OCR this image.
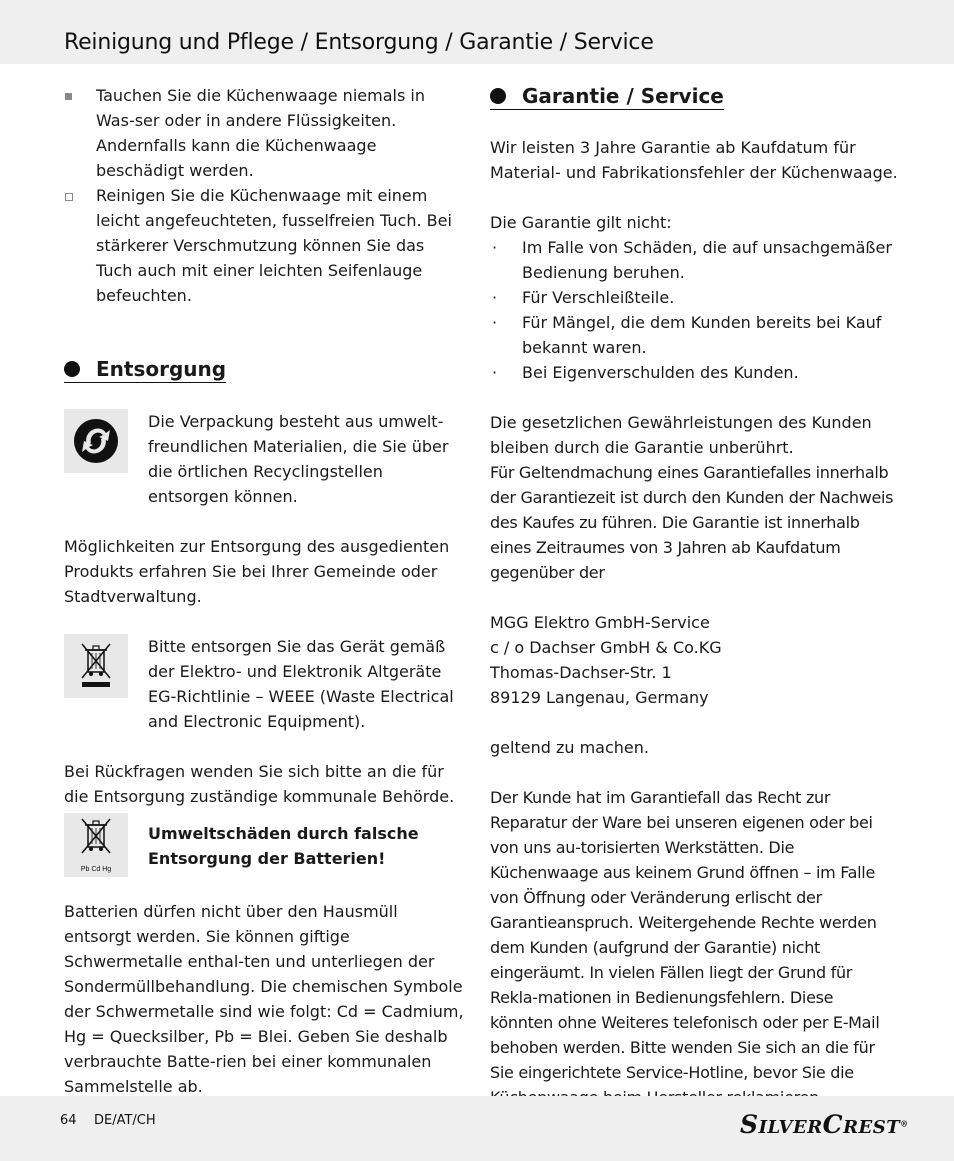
Reinigung und Pflege / Entsorgung / Garantie / Service

Tauchen Sie die Küchenwaage niemals in Was-ser oder in andere Flüssigkeiten. Andernfalls kann die Küchenwaage beschädigt werden.

Reinigen Sie die Küchenwaage mit einem leicht angefeuchteten, fusselfreien Tuch. Bei stärkerer Verschmutzung können Sie das Tuch auch mit einer leichten Seifenlauge befeuchten.

Entsorgung

Die Verpackung besteht aus umwelt-freundlichen Materialien, die Sie über die örtlichen Recyclingstellen entsorgen können.

Möglichkeiten zur Entsorgung des ausgedienten Produkts erfahren Sie bei Ihrer Gemeinde oder Stadtverwaltung.

Bitte entsorgen Sie das Gerät gemäß der Elektro- und Elektronik Altgeräte EG-Richtlinie – WEEE (Waste Electrical and Electronic Equipment).

Bei Rückfragen wenden Sie sich bitte an die für die Entsorgung zuständige kommunale Behörde.

Pb Cd Hg

Umweltschäden durch falsche Entsorgung der Batterien!

Batterien dürfen nicht über den Hausmüll entsorgt werden. Sie können giftige Schwermetalle enthal-ten und unterliegen der Sondermüllbehandlung. Die chemischen Symbole der Schwermetalle sind wie folgt: Cd = Cadmium, Hg = Quecksilber, Pb = Blei. Geben Sie deshalb verbrauchte Batte-rien bei einer kommunalen Sammelstelle ab.

Garantie / Service

Wir leisten 3 Jahre Garantie ab Kaufdatum für Material- und Fabrikationsfehler der Küchenwaage.

Die Garantie gilt nicht:

· Im Falle von Schäden, die auf unsachgemäßer Bedienung beruhen.

· Für Verschleißteile.

· Für Mängel, die dem Kunden bereits bei Kauf bekannt waren.

· Bei Eigenverschulden des Kunden.

Die gesetzlichen Gewährleistungen des Kunden bleiben durch die Garantie unberührt.

Für Geltendmachung eines Garantiefalles innerhalb der Garantiezeit ist durch den Kunden der Nachweis des Kaufes zu führen. Die Garantie ist innerhalb eines Zeitraumes von 3 Jahren ab Kaufdatum gegenüber der

MGG Elektro GmbH-Service

c / o Dachser GmbH & Co.KG

Thomas-Dachser-Str. 1

89129 Langenau, Germany

geltend zu machen.

Der Kunde hat im Garantiefall das Recht zur Reparatur der Ware bei unseren eigenen oder bei von uns au-torisierten Werkstätten. Die Küchenwaage aus keinem Grund öffnen – im Falle von Öffnung oder Veränderung erlischt der Garantieanspruch. Weitergehende Rechte werden dem Kunden (aufgrund der Garantie) nicht eingeräumt. In vielen Fällen liegt der Grund für Rekla-mationen in Bedienungsfehlern. Diese könnten ohne Weiteres telefonisch oder per E-Mail behoben werden. Bitte wenden Sie sich an die für Sie eingerichtete Service-Hotline, bevor Sie die

64 DE/AT/CH	SILVERCREST®
